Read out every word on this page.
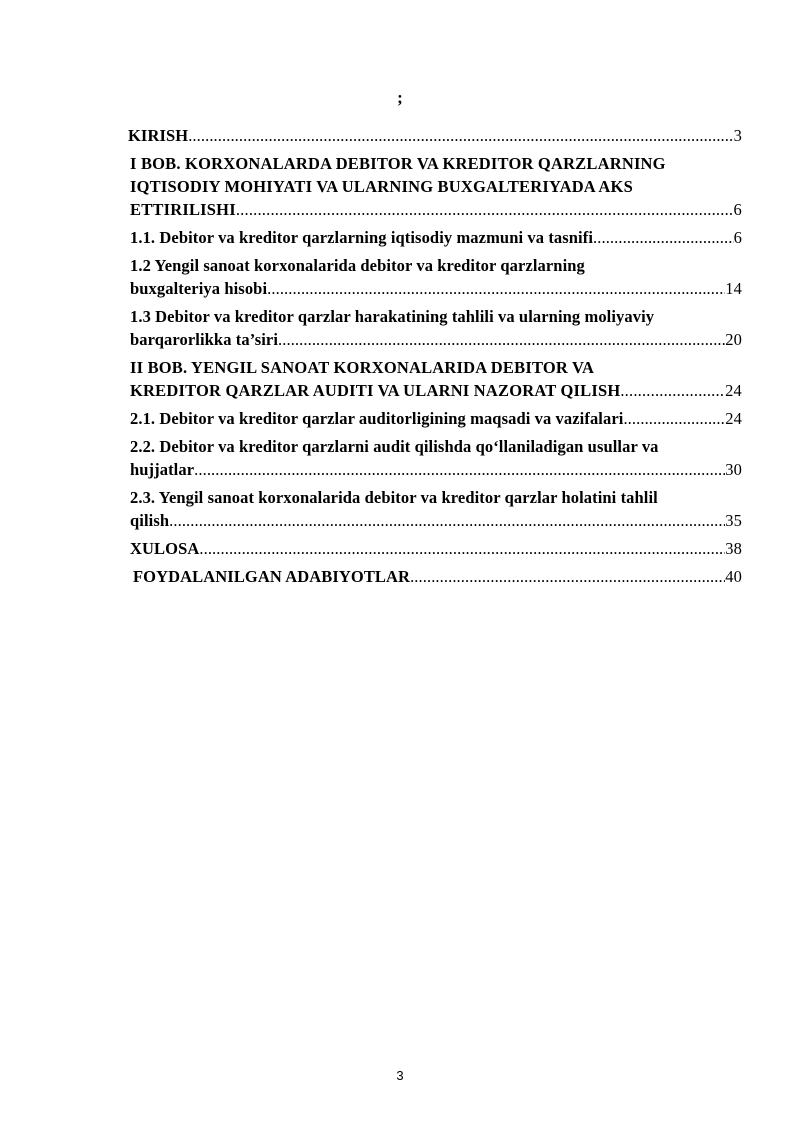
;
KIRISH .....	3
I BOB. KORXONALARDA DEBITOR VA KREDITOR QARZLARNING
IQTISODIY MOHIYATI VA ULARNING BUXGALTERIYADA AKS
ETTIRILISHI .....	6
1.1. Debitor va kreditor qarzlarning iqtisodiy mazmuni va tasnifi .....	6
1.2 Yengil sanoat korxonalarida debitor va kreditor qarzlarning
buxgalteriya hisobi .....	14
1.3 Debitor va kreditor qarzlar harakatining tahlili va ularning moliyaviy
barqarorlikka ta’siri .....	20
II BOB. YENGIL SANOAT KORXONALARIDA DEBITOR VA
KREDITOR QARZLAR AUDITI VA ULARNI NAZORAT QILISH .....	24
2.1. Debitor va kreditor qarzlar auditorligining maqsadi va vazifalari .....	24
2.2. Debitor va kreditor qarzlarni audit qilishda qo‘llaniladigan usullar va
hujjatlar .....	30
2.3. Yengil sanoat korxonalarida debitor va kreditor qarzlar holatini tahlil
qilish .....	35
XULOSA .....	38
FOYDALANILGAN ADABIYOTLAR .....	40
3
